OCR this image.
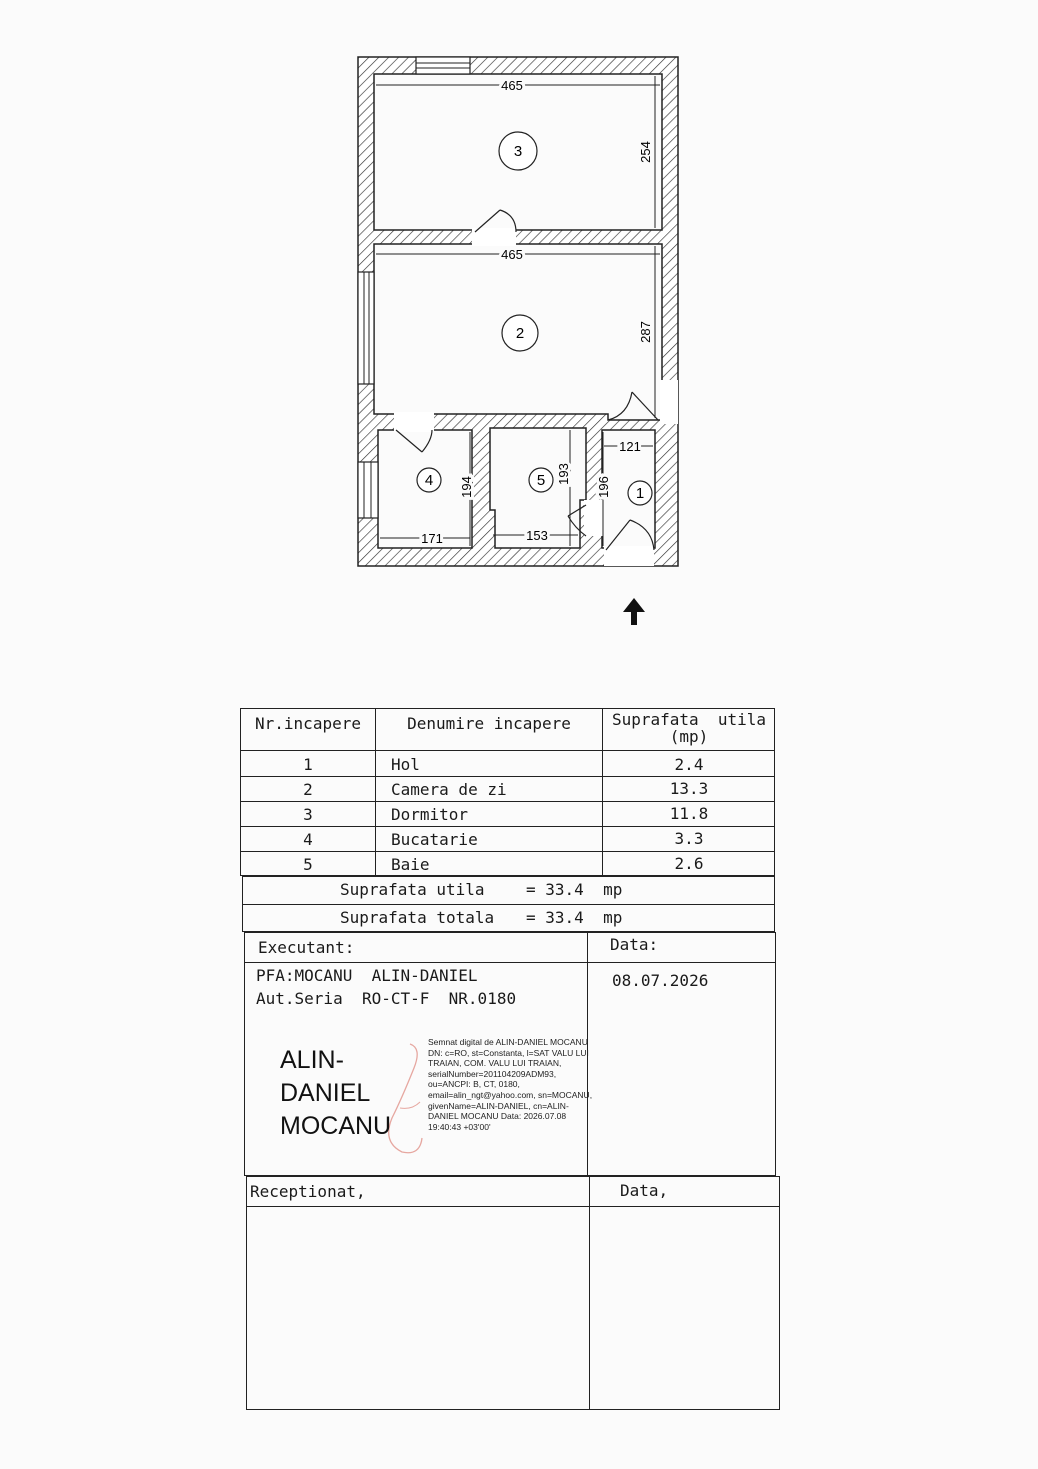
465
465
254
287
121
196
193
153
194
171
3
2
4	5
1
Nr.incapere	Denumire incapere	Suprafata  utila
(mp)
1	Hol	2.4
2	Camera de zi	13.3
3	Dormitor	11.8
4	Bucatarie	3.3
5	Baie	2.6
Suprafata utila	= 33.4  mp
Suprafata totala = 33.4  mp
Executant:	Data:
PFA:MOCANU  ALIN-DANIEL
Aut.Seria  RO-CT-F  NR.0180
08.07.2026
ALIN-
DANIEL
MOCANU
Semnat digital de ALIN-DANIEL MOCANU DN: c=RO, st=Constanta, l=SAT VALU LUI TRAIAN, COM. VALU LUI TRAIAN, serialNumber=201104209ADM93, ou=ANCPI: B, CT, 0180, email=alin_ngt@yahoo.com, sn=MOCANU, givenName=ALIN-DANIEL, cn=ALIN-DANIEL MOCANU Data: 2026.07.08 19:40:43 +03'00'
Receptionat,	Data,
